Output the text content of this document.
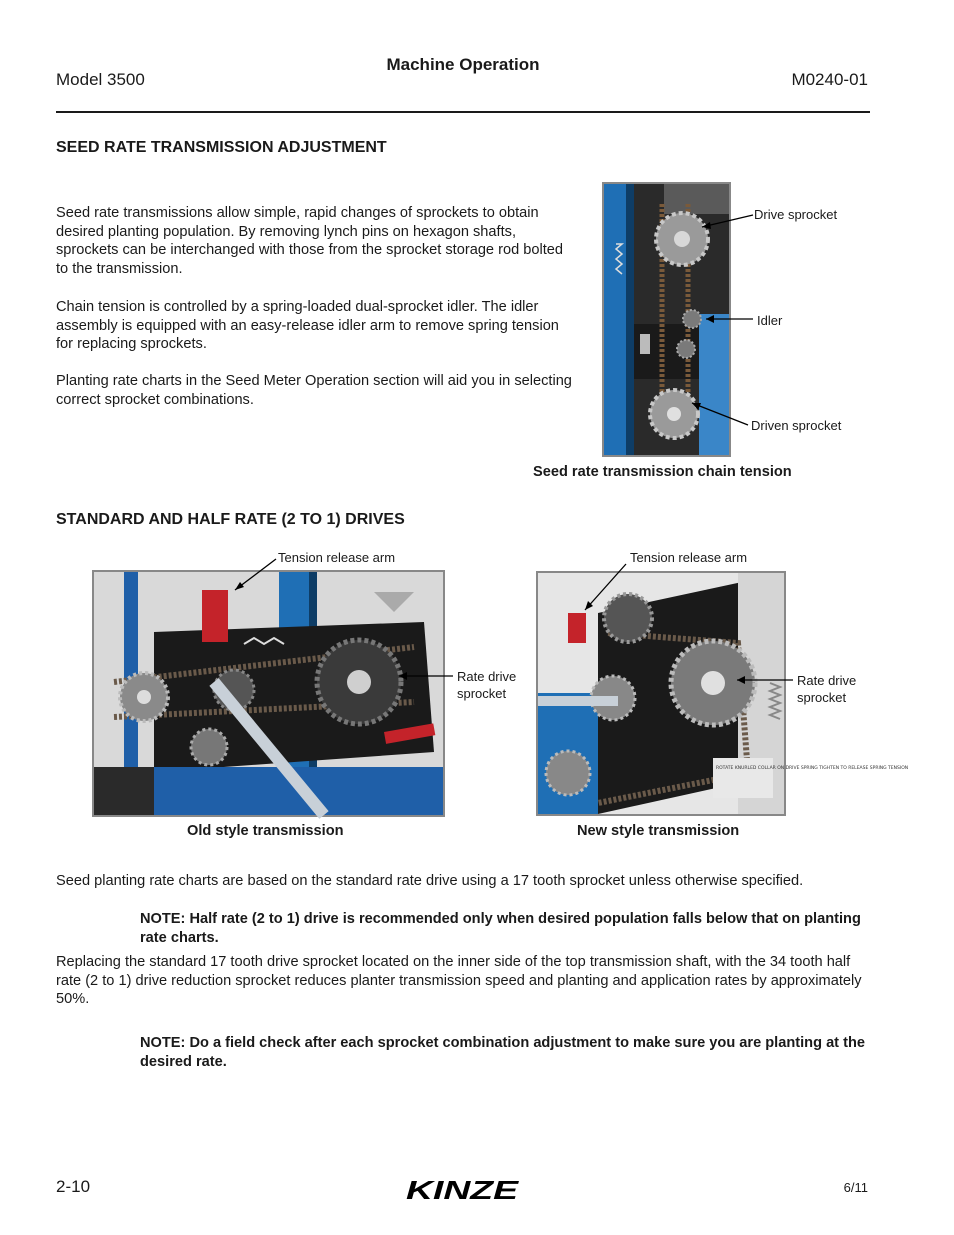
Model 3500
Machine Operation
M0240-01
SEED RATE TRANSMISSION ADJUSTMENT
Seed rate transmissions allow simple, rapid changes of sprockets to obtain desired planting population. By removing lynch pins on hexagon shafts, sprockets can be interchanged with those from the sprocket storage rod bolted to the transmission.
Chain tension is controlled by a spring-loaded dual-sprocket idler. The idler assembly is equipped with an easy-release idler arm to remove spring tension for replacing sprockets.
Planting rate charts in the Seed Meter Operation section will aid you in selecting correct sprocket combinations.
Drive sprocket
Idler
Driven sprocket
Seed rate transmission chain tension
STANDARD AND HALF RATE (2 TO 1) DRIVES
Tension release arm
Rate drive
sprocket
Old style transmission
Tension release arm
ROTATE KNURLED COLLAR ON DRIVE SPRING TIGHTEN TO RELEASE SPRING TENSION
Rate drive
sprocket
New style transmission
Seed planting rate charts are based on the standard rate drive using a 17 tooth sprocket unless otherwise specified.
NOTE: Half rate (2 to 1) drive is recommended only when desired population falls below that on planting rate charts.
Replacing the standard 17 tooth drive sprocket located on the inner side of the top transmission shaft, with the 34 tooth half rate (2 to 1) drive reduction sprocket reduces planter transmission speed and planting and application rates by approximately 50%.
NOTE: Do a field check after each sprocket combination adjustment to make sure you are planting at the desired rate.
2-10	KINZE	6/11
